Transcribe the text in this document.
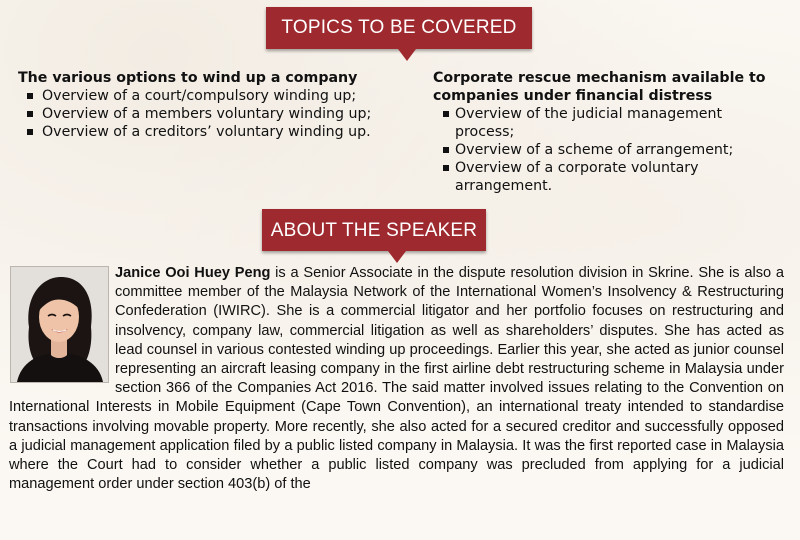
TOPICS TO BE COVERED

The various options to wind up a company

Overview of a court/compulsory winding up;
Overview of a members voluntary winding up;
Overview of a creditors’ voluntary winding up.

Corporate rescue mechanism available to
companies under financial distress

Overview of the judicial management process;
Overview of a scheme of arrangement;
Overview of a corporate voluntary arrangement.
ABOUT THE SPEAKER
Janice Ooi Huey Peng is a Senior Associate in the dispute resolution division in Skrine. She is also a committee member of the Malaysia Network of the International Women’s Insolvency & Restructuring Confederation (IWIRC). She is a commercial litigator and her portfolio focuses on restructuring and insolvency, company law, commercial litigation as well as shareholders’ disputes. She has acted as lead counsel in various contested winding up proceedings. Earlier this year, she acted as junior counsel representing an aircraft leasing company in the first airline debt restructuring scheme in Malaysia under section 366 of the Companies Act 2016. The said matter involved issues relating to the Convention on International Interests in Mobile Equipment (Cape Town Convention), an international treaty intended to standardise transactions involving movable property. More recently, she also acted for a secured creditor and successfully opposed a judicial management application filed by a public listed company in Malaysia. It was the first reported case in Malaysia where the Court had to consider whether a public listed company was precluded from applying for a judicial management order under section 403(b) of the
